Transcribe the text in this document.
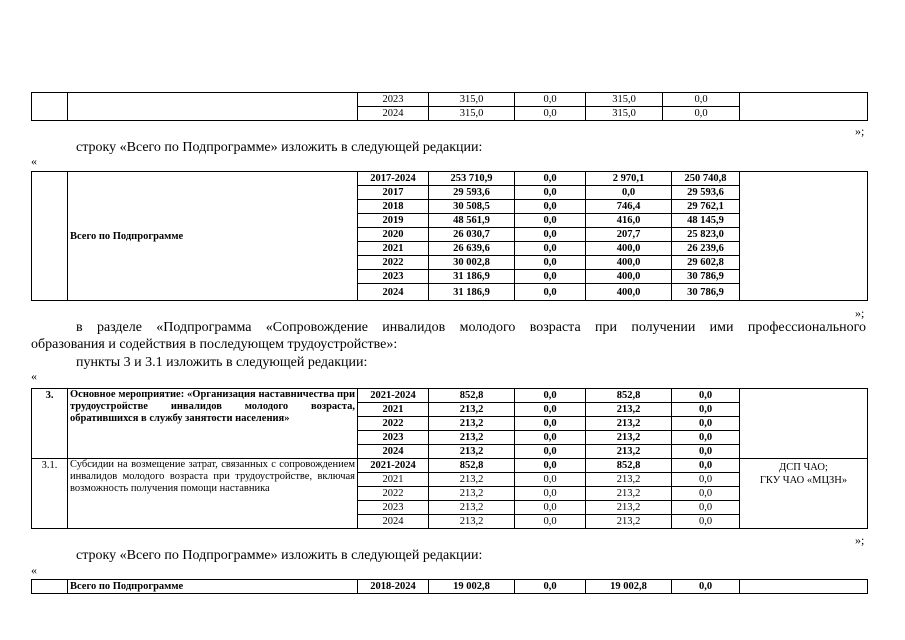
		2023	315,0	0,0	315,0	0,0	
		2024	315,0	0,0	315,0	0,0	
»;
строку «Всего по Подпрограмме» изложить в следующей редакции:
«
	Всего по Подпрограмме	2017-2024	253 710,9	0,0	2 970,1	250 740,8	
		2017	29 593,6	0,0	0,0	29 593,6	
		2018	30 508,5	0,0	746,4	29 762,1	
		2019	48 561,9	0,0	416,0	48 145,9	
		2020	26 030,7	0,0	207,7	25 823,0	
		2021	26 639,6	0,0	400,0	26 239,6	
		2022	30 002,8	0,0	400,0	29 602,8	
		2023	31 186,9	0,0	400,0	30 786,9	
		2024	31 186,9	0,0	400,0	30 786,9	
»;
в разделе «Подпрограмма «Сопровождение инвалидов молодого возраста при получении ими профессионального
образования и содействия в последующем трудоустройстве»:
пункты 3 и 3.1 изложить в следующей редакции:
«
3.	Основное мероприятие: «Организация наставничества при трудоустройстве инвалидов молодого возраста, обратившихся в службу занятости населения»	2021-2024	852,8	0,0	852,8	0,0	
		2021	213,2	0,0	213,2	0,0	
		2022	213,2	0,0	213,2	0,0	
		2023	213,2	0,0	213,2	0,0	
		2024	213,2	0,0	213,2	0,0	
3.1.	Субсидии на возмещение затрат, связанных с сопровождением инвалидов молодого возраста при трудоустройстве, включая возможность получения помощи наставника	2021-2024	852,8	0,0	852,8	0,0	ДСП ЧАО;
ГКУ ЧАО «МЦЗН»

		2021	213,2	0,0	213,2	0,0	
		2022	213,2	0,0	213,2	0,0	
		2023	213,2	0,0	213,2	0,0	
		2024	213,2	0,0	213,2	0,0	
»;
строку «Всего по Подпрограмме» изложить в следующей редакции:
«
	Всего по Подпрограмме	2018-2024	19 002,8	0,0	19 002,8	0,0	
